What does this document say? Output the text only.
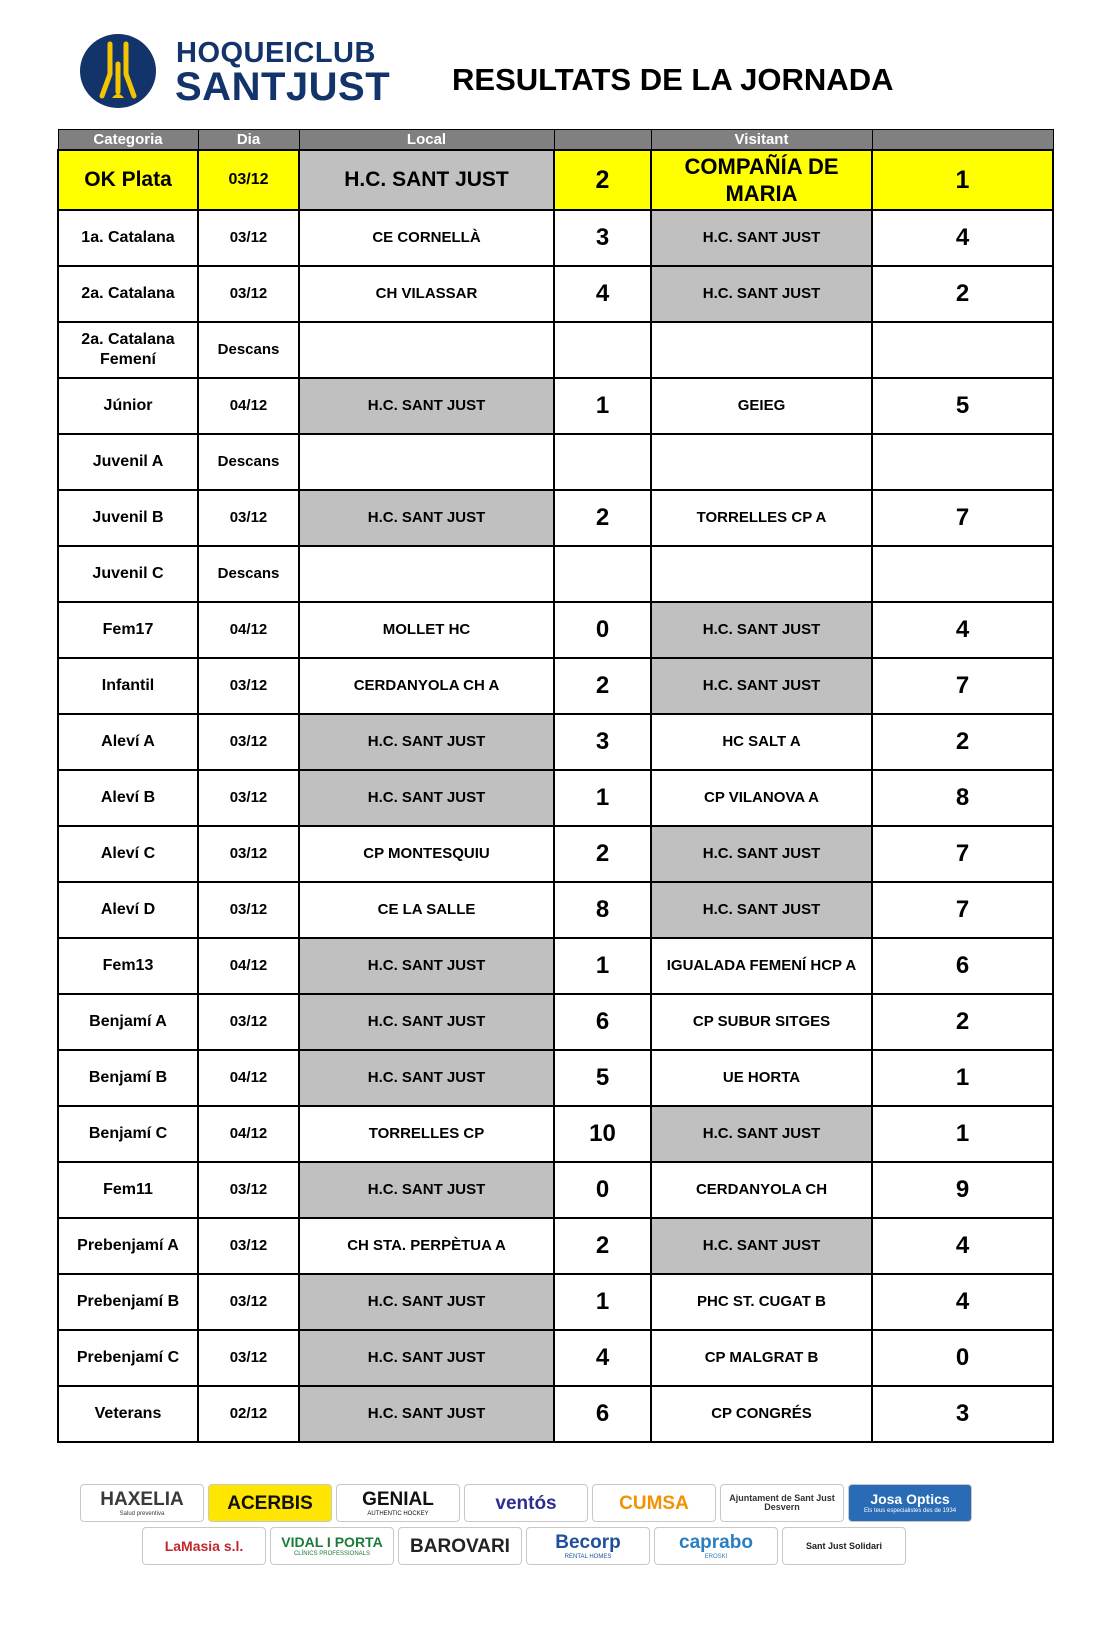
HOQUEICLUB
SANTJUST RESULTATS DE LA JORNADA
Categoria	Dia	Local		Visitant	
OK Plata	03/12	H.C. SANT JUST	2	COMPAÑÍA DE MARIA	1
1a. Catalana	03/12	CE CORNELLÀ	3	H.C. SANT JUST	4
2a. Catalana	03/12	CH VILASSAR	4	H.C. SANT JUST	2
2a. Catalana Femení	Descans				
Júnior	04/12	H.C. SANT JUST	1	GEIEG	5
Juvenil A	Descans				
Juvenil B	03/12	H.C. SANT JUST	2	TORRELLES CP A	7
Juvenil C	Descans				
Fem17	04/12	MOLLET HC	0	H.C. SANT JUST	4
Infantil	03/12	CERDANYOLA CH A	2	H.C. SANT JUST	7
Aleví A	03/12	H.C. SANT JUST	3	HC SALT A	2
Aleví B	03/12	H.C. SANT JUST	1	CP VILANOVA A	8
Aleví C	03/12	CP MONTESQUIU	2	H.C. SANT JUST	7
Aleví D	03/12	CE LA SALLE	8	H.C. SANT JUST	7
Fem13	04/12	H.C. SANT JUST	1	IGUALADA FEMENÍ HCP A	6
Benjamí A	03/12	H.C. SANT JUST	6	CP SUBUR SITGES	2
Benjamí B	04/12	H.C. SANT JUST	5	UE HORTA	1
Benjamí C	04/12	TORRELLES CP	10	H.C. SANT JUST	1
Fem11	03/12	H.C. SANT JUST	0	CERDANYOLA CH	9
Prebenjamí A	03/12	CH STA. PERPÈTUA A	2	H.C. SANT JUST	4
Prebenjamí B	03/12	H.C. SANT JUST	1	PHC ST. CUGAT B	4
Prebenjamí C	03/12	H.C. SANT JUST	4	CP MALGRAT B	0
Veterans	02/12	H.C. SANT JUST	6	CP CONGRÉS	3
HAXELIA
Salud preventiva	ACERBIS	GENIAL
AUTHENTIC HOCKEY	ventós	CUMSA	Ajuntament de Sant Just Desvern	Josa Optics
Els teus especialistes des de 1934
LaMasia s.l.	VIDAL I PORTA
CLÍNICS PROFESSIONALS	BAROVARI Becorp
RENTAL HOMES
caprabo
EROSKI
Sant Just Solidari
